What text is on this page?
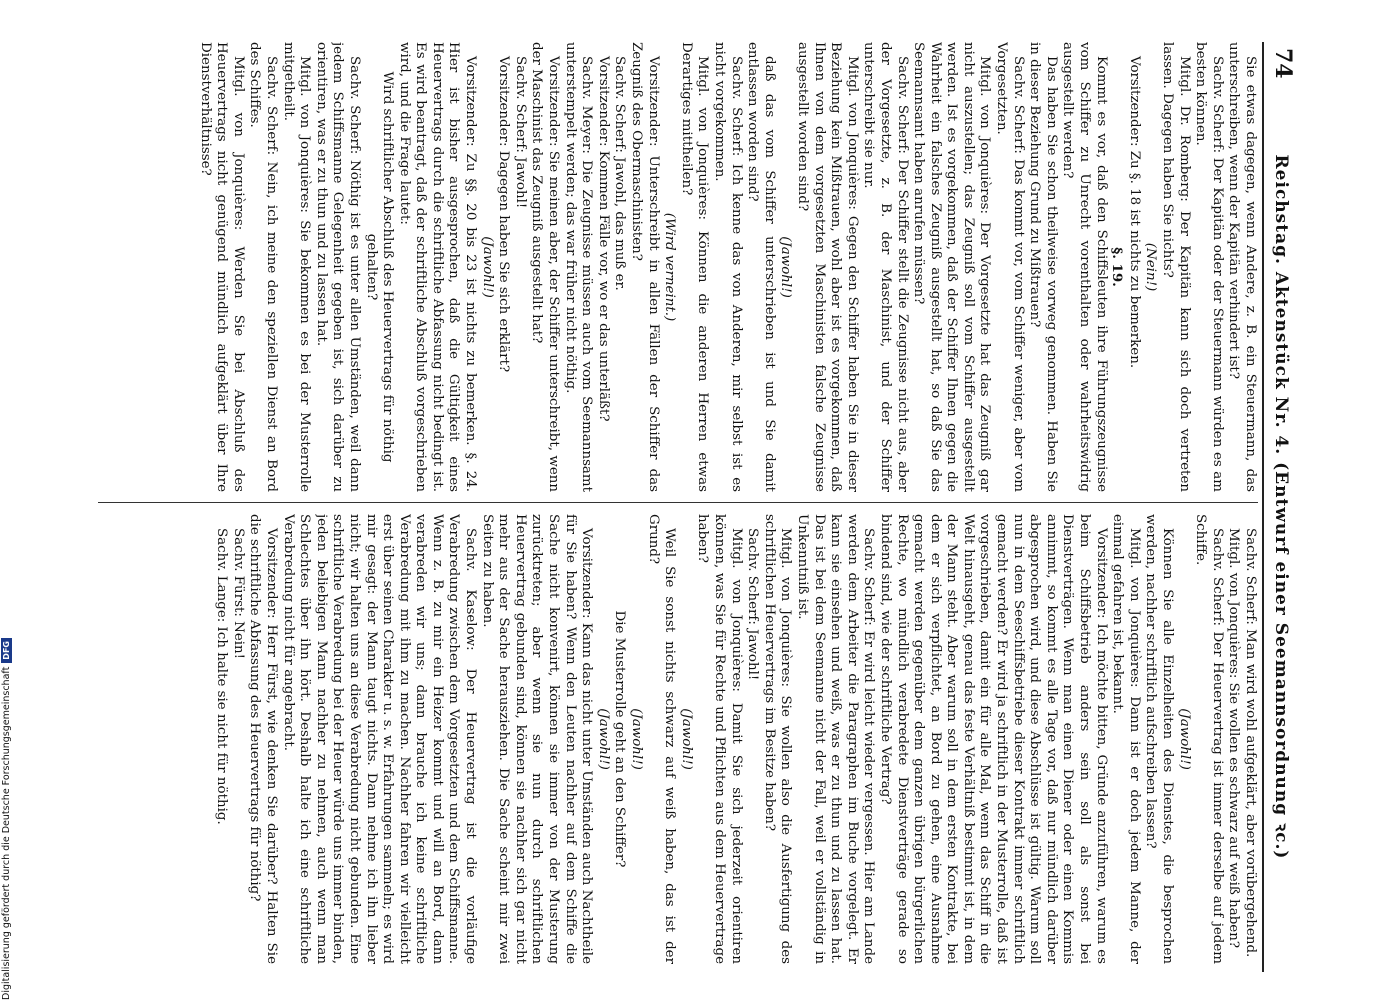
74
Reichstag. Aktenstück Nr. 4. (Entwurf einer Seemannsordnung ꝛc.)

Sie etwas dagegen, wenn Andere, z. B. ein Steuermann, das unterschreiben, wenn der Kapitän verhindert ist?

Sachv. Scherf: Der Kapitän oder der Steuermann würden es am besten können.

Mitgl. Dr. Romberg: Der Kapitän kann sich doch vertreten lassen. Dagegen haben Sie nichts?

(Nein!)

Vorsitzender: Zu §. 18 ist nichts zu bemerken.

§. 19.

Kommt es vor, daß den Schiffsleuten ihre Führungszeugnisse vom Schiffer zu Unrecht vorenthalten oder wahrheitswidrig ausgestellt werden?

Das haben Sie schon theilweise vorweg genommen. Haben Sie in dieser Beziehung Grund zu Mißtrauen?

Sachv. Scherf: Das kommt vor, vom Schiffer weniger, aber vom Vorgesetzten.

Mitgl. von Jonquières: Der Vorgesetzte hat das Zeugniß gar nicht auszustellen; das Zeugniß soll vom Schiffer ausgestellt werden. Ist es vorgekommen, daß der Schiffer Ihnen gegen die Wahrheit ein falsches Zeugniß ausgestellt hat, so daß Sie das Seemannsamt haben anrufen müssen?

Sachv. Scherf: Der Schiffer stellt die Zeugnisse nicht aus, aber der Vorgesetzte, z. B. der Maschinist, und der Schiffer unterschreibt sie nur.

Mitgl. von Jonquières: Gegen den Schiffer haben Sie in dieser Beziehung kein Mißtrauen, wohl aber ist es vorgekommen, daß Ihnen von dem vorgesetzten Maschinisten falsche Zeugnisse ausgestellt worden sind?

(Jawohl!)

daß das vom Schiffer unterschrieben ist und Sie damit entlassen worden sind?

Sachv. Scherf: Ich kenne das von Anderen, mir selbst ist es nicht vorgekommen.

Mitgl. von Jonquières: Können die anderen Herren etwas Derartiges mittheilen?

(Wird verneint.)

Vorsitzender: Unterschreibt in allen Fällen der Schiffer das Zeugniß des Obermaschinisten?

Sachv. Scherf: Jawohl, das muß er.

Vorsitzender: Kommen Fälle vor, wo er das unterläßt?

Sachv. Meyer: Die Zeugnisse müssen auch vom Seemannsamt unterstempelt werden; das war früher nicht nöthig.

Vorsitzender: Sie meinen aber, der Schiffer unterschreibt, wenn der Maschinist das Zeugniß ausgestellt hat?

Sachv. Scherf: Jawohl!

Vorsitzender: Dagegen haben Sie sich erklärt?

(Jawohl!)

Vorsitzender: Zu §§. 20 bis 23 ist nichts zu bemerken. §. 24. Hier ist bisher ausgesprochen, daß die Gültigkeit eines Heuervertrags durch die schriftliche Abfassung nicht bedingt ist. Es wird beantragt, daß der schriftliche Abschluß vorgeschrieben wird, und die Frage lautet:

Wird schriftlicher Abschluß des Heuervertrags für nöthig gehalten?

Sachv. Scherf: Nöthig ist es unter allen Umständen, weil dann jedem Schiffsmanne Gelegenheit gegeben ist, sich darüber zu orientiren, was er zu thun und zu lassen hat.

Mitgl. von Jonquières: Sie bekommen es bei der Musterrolle mitgetheilt.

Sachv. Scherf: Nein, ich meine den speziellen Dienst an Bord des Schiffes.

Mitgl. von Jonquières: Werden Sie bei Abschluß des Heuervertrags nicht genügend mündlich aufgeklärt über Ihre Dienstverhältnisse?

Sachv. Scherf: Man wird wohl aufgeklärt, aber vorübergehend.

Mitgl. von Jonquières: Sie wollen es schwarz auf weiß haben?

Sachv. Scherf: Der Heuervertrag ist immer derselbe auf jedem Schiffe.

(Jawohl!)

Können Sie alle Einzelheiten des Dienstes, die besprochen werden, nachher schriftlich aufschreiben lassen?

Mitgl. von Jonquières: Dann ist er doch jedem Manne, der einmal gefahren ist, bekannt.

Vorsitzender: Ich möchte bitten, Gründe anzuführen, warum es beim Schiffsbetrieb anders sein soll als sonst bei Dienstverträgen. Wenn man einen Diener oder einen Kommis annimmt, so kommt es alle Tage vor, daß nur mündlich darüber abgesprochen wird, und diese Abschlüsse ist gültig. Warum soll nun in dem Seeschiffsbetriebe dieser Kontrakt immer schriftlich gemacht werden? Er wird ja schriftlich in der Musterrolle, daß ist vorgeschrieben, damit ein für alle Mal, wenn das Schiff in die Welt hinausgeht, genau das feste Verhältniß bestimmt ist, in dem der Mann steht. Aber warum soll in dem ersten Kontrakte, bei dem er sich verpflichtet, an Bord zu gehen, eine Ausnahme gemacht werden gegenüber dem ganzen übrigen bürgerlichen Rechte, wo mündlich verabredete Dienstverträge gerade so bindend sind, wie der schriftliche Vertrag?

Sachv. Scherf: Er wird leicht wieder vergessen. Hier am Lande werden dem Arbeiter die Paragraphen im Buche vorgelegt. Er kann sie einsehen und weiß, was er zu thun und zu lassen hat. Das ist bei dem Seemanne nicht der Fall, weil er vollständig in Unkenntniß ist.

Mitgl. von Jonquières: Sie wollen also die Ausfertigung des schriftlichen Heuervertrags im Besitze haben?

Sachv. Scherf: Jawohl!

Mitgl. von Jonquières: Damit Sie sich jederzeit orientiren können, was Sie für Rechte und Pflichten aus dem Heuervertrage haben?

(Jawohl!)

Weil Sie sonst nichts schwarz auf weiß haben, das ist der Grund?

(Jawohl!)

Die Musterrolle geht an den Schiffer?

(Jawohl!)

Vorsitzender: Kann das nicht unter Umständen auch Nachtheile für Sie haben? Wenn den Leuten nachher auf dem Schiffe die Sache nicht konvenirt, können sie immer von der Musterung zurücktreten; aber wenn sie nun durch schriftlichen Heuervertrag gebunden sind, können sie nachher sich gar nicht mehr aus der Sache herausziehen. Die Sache scheint mir zwei Seiten zu haben.

Sachv. Kaselow: Der Heuervertrag ist die vorläufige Verabredung zwischen dem Vorgesetzten und dem Schiffsmanne. Wenn z. B. zu mir ein Heizer kommt und will an Bord, dann verabreden wir uns; dann brauche ich keine schriftliche Verabredung mit ihm zu machen. Nachher fahren wir vielleicht erst über seinen Charakter u. s. w. Erfahrungen sammeln; es wird mir gesagt: der Mann taugt nichts. Dann nehme ich ihn lieber nicht; wir halten uns an diese Verabredung nicht gebunden. Eine schriftliche Verabredung bei der Heuer würde uns immer binden, jeden beliebigen Mann nachher zu nehmen, auch wenn man Schlechtes über ihn hört. Deshalb halte ich eine schriftliche Verabredung nicht für angebracht.

Vorsitzender: Herr Fürst, wie denken Sie darüber? Halten Sie die schriftliche Abfassung des Heuervertrags für nöthig?

Sachv. Fürst: Nein!

Sachv. Lange: Ich halte sie nicht für nöthig.

Digitalisierung gefördert durch die Deutsche ForschungsgemeinschaftDFG
